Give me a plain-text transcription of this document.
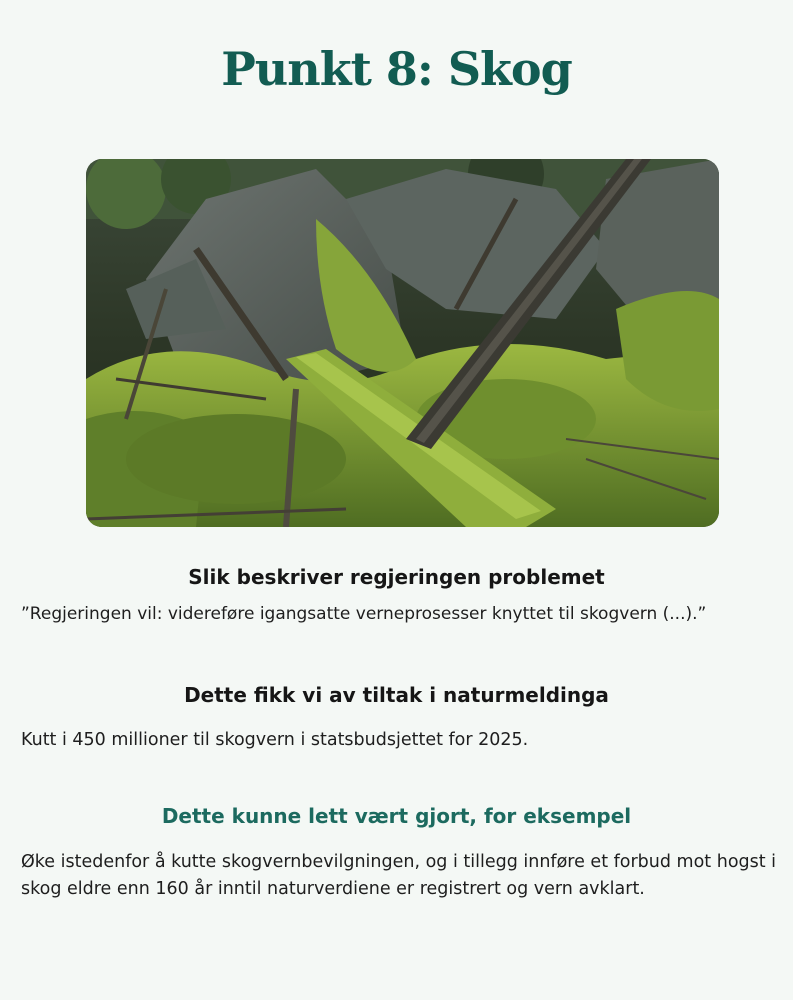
Punkt 8: Skog
Slik beskriver regjeringen problemet

”Regjeringen vil: videreføre igangsatte verneprosesser knyttet til skogvern (...).”

Dette fikk vi av tiltak i naturmeldinga

Kutt i 450 millioner til skogvern i statsbudsjettet for 2025.

Dette kunne lett vært gjort, for eksempel

Øke istedenfor å kutte skogvernbevilgningen, og i tillegg innføre et forbud mot hogst i skog eldre enn 160 år inntil naturverdiene er registrert og vern avklart.
